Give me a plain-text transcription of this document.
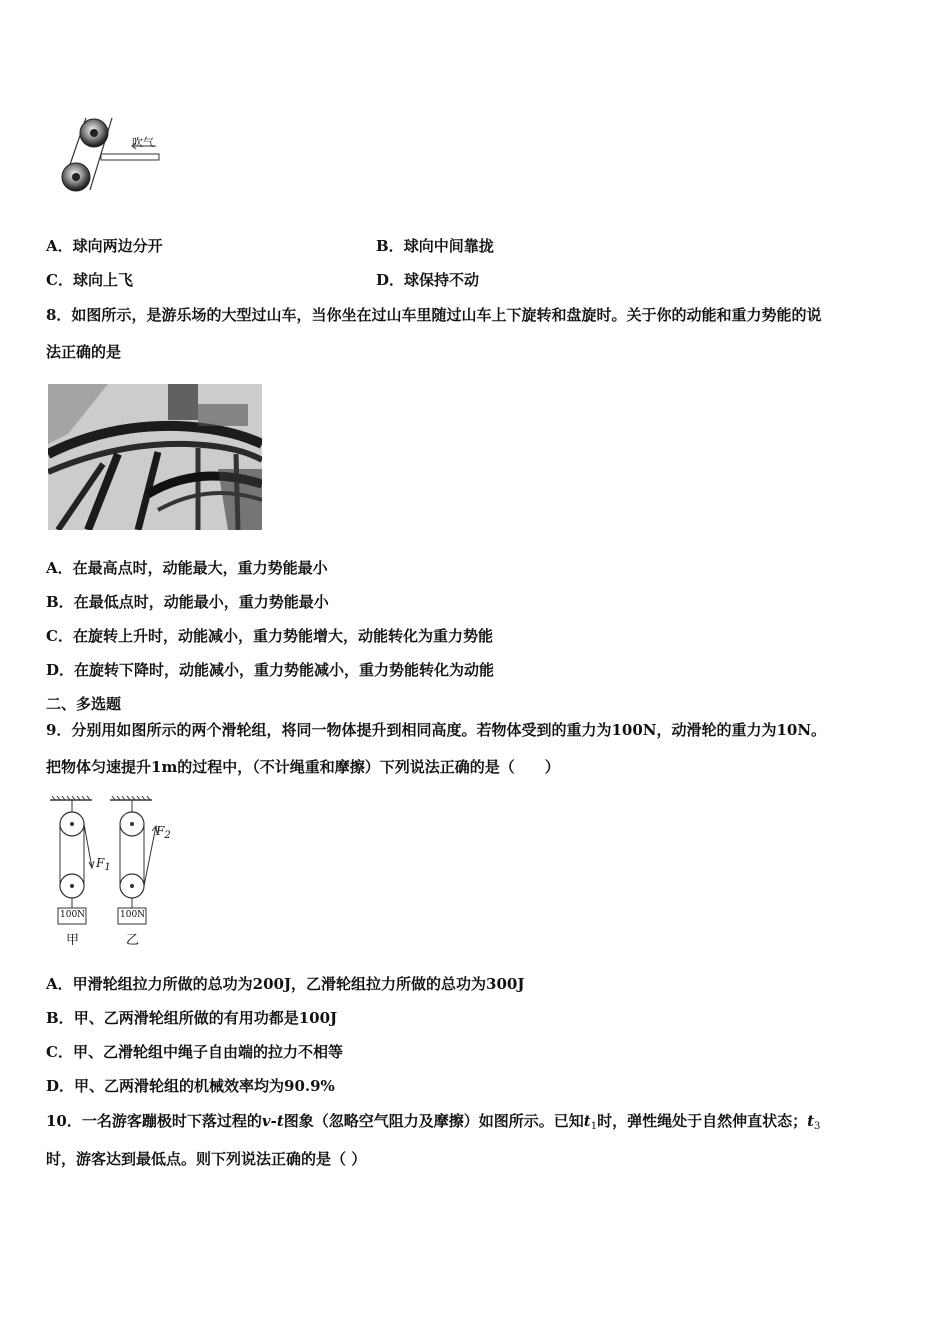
吹气
A．球向两边分开	B．球向中间靠拢
C．球向上飞	D．球保持不动
8．如图所示，是游乐场的大型过山车，当你坐在过山车里随过山车上下旋转和盘旋时。关于你的动能和重力势能的说
法正确的是
A．在最高点时，动能最大，重力势能最小
B．在最低点时，动能最小，重力势能最小
C．在旋转上升时，动能减小，重力势能增大，动能转化为重力势能
D．在旋转下降时，动能减小，重力势能减小，重力势能转化为动能
二、多选题
9．分别用如图所示的两个滑轮组，将同一物体提升到相同高度。若物体受到的重力为100N，动滑轮的重力为10N。
把物体匀速提升1m的过程中，（不计绳重和摩擦）下列说法正确的是（　　）
100N	100N
甲	乙
$F_1$
$F_2$
A．甲滑轮组拉力所做的总功为200J，乙滑轮组拉力所做的总功为300J
B．甲、乙两滑轮组所做的有用功都是100J
C．甲、乙滑轮组中绳子自由端的拉力不相等
D．甲、乙两滑轮组的机械效率均为90.9%
10．一名游客蹦极时下落过程的v-t图象（忽略空气阻力及摩擦）如图所示。已知$t_1$时，弹性绳处于自然伸直状态；$t_3$
时，游客达到最低点。则下列说法正确的是（ ）
